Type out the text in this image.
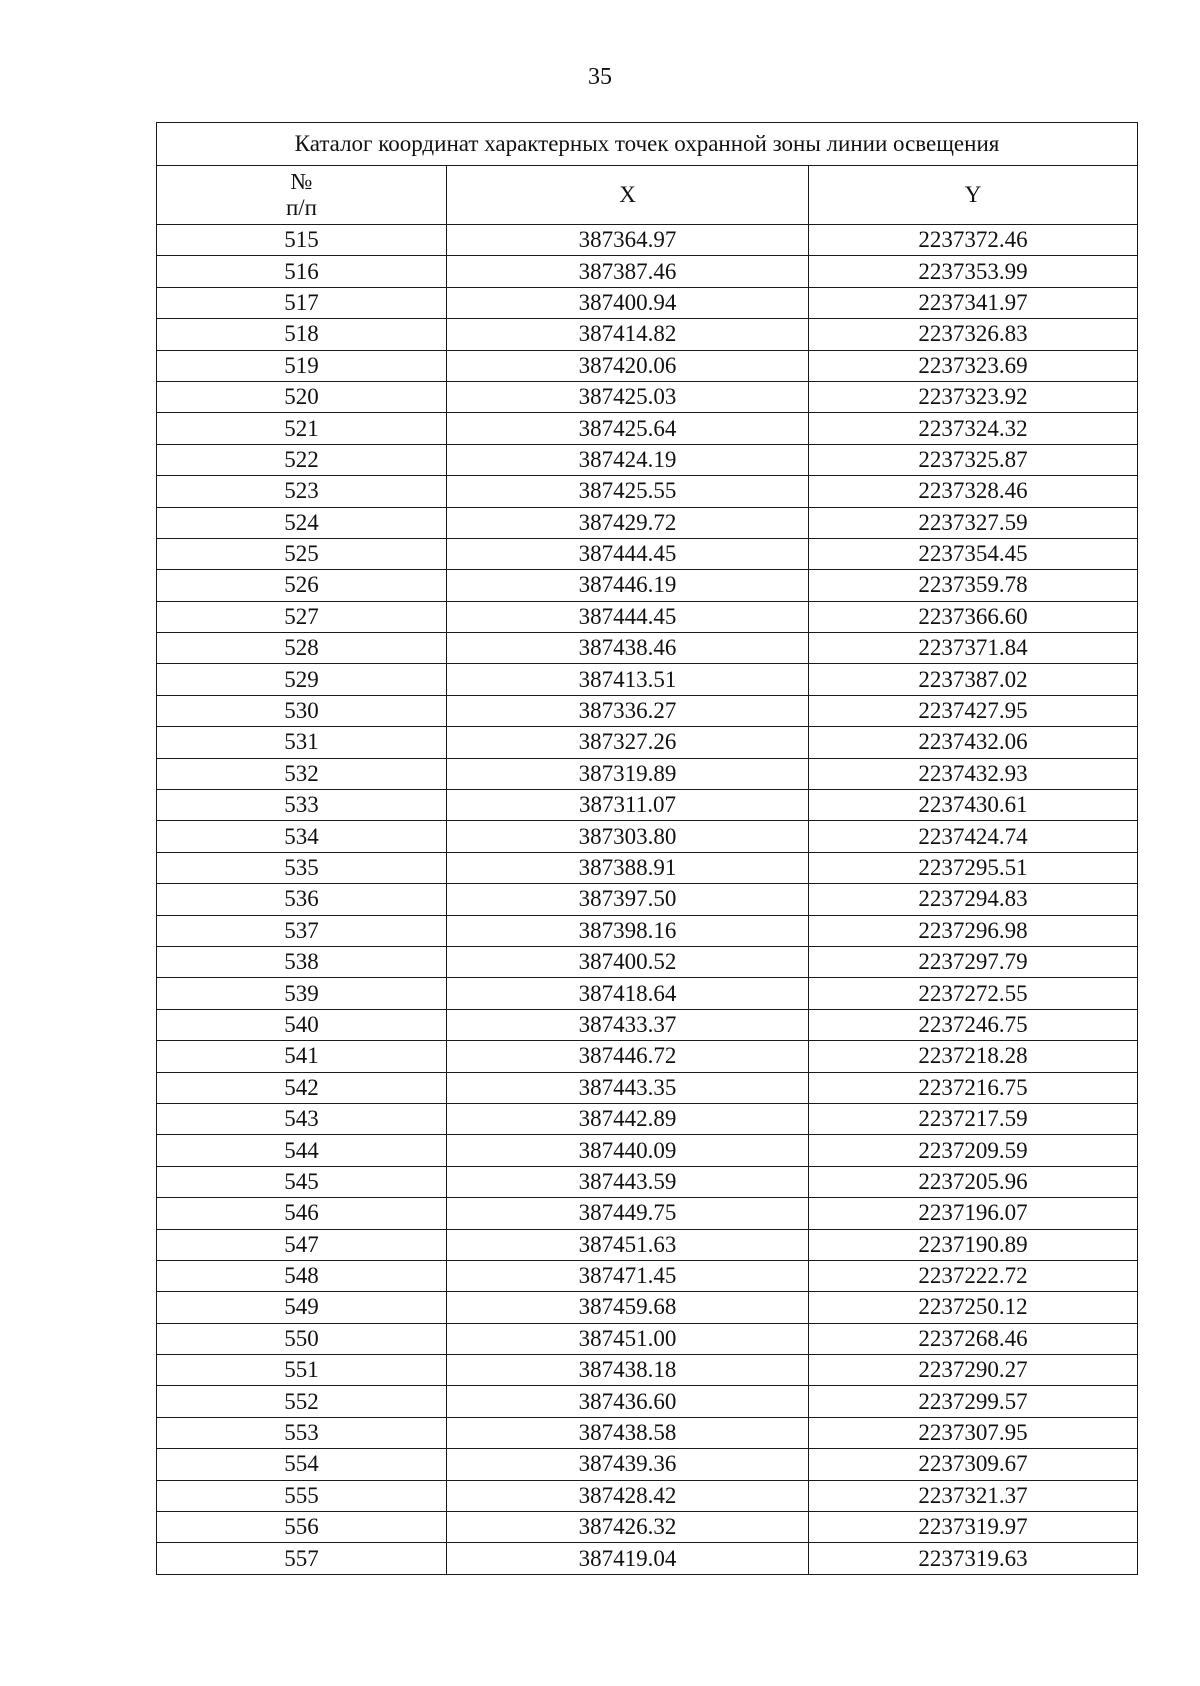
35
Каталог координат характерных точек охранной зоны линии освещения		

№
п/п	X	Y
515	387364.97	2237372.46
516	387387.46	2237353.99
517	387400.94	2237341.97
518	387414.82	2237326.83
519	387420.06	2237323.69
520	387425.03	2237323.92
521	387425.64	2237324.32
522	387424.19	2237325.87
523	387425.55	2237328.46
524	387429.72	2237327.59
525	387444.45	2237354.45
526	387446.19	2237359.78
527	387444.45	2237366.60
528	387438.46	2237371.84
529	387413.51	2237387.02
530	387336.27	2237427.95
531	387327.26	2237432.06
532	387319.89	2237432.93
533	387311.07	2237430.61
534	387303.80	2237424.74
535	387388.91	2237295.51
536	387397.50	2237294.83
537	387398.16	2237296.98
538	387400.52	2237297.79
539	387418.64	2237272.55
540	387433.37	2237246.75
541	387446.72	2237218.28
542	387443.35	2237216.75
543	387442.89	2237217.59
544	387440.09	2237209.59
545	387443.59	2237205.96
546	387449.75	2237196.07
547	387451.63	2237190.89
548	387471.45	2237222.72
549	387459.68	2237250.12
550	387451.00	2237268.46
551	387438.18	2237290.27
552	387436.60	2237299.57
553	387438.58	2237307.95
554	387439.36	2237309.67
555	387428.42	2237321.37
556	387426.32	2237319.97
557	387419.04	2237319.63
